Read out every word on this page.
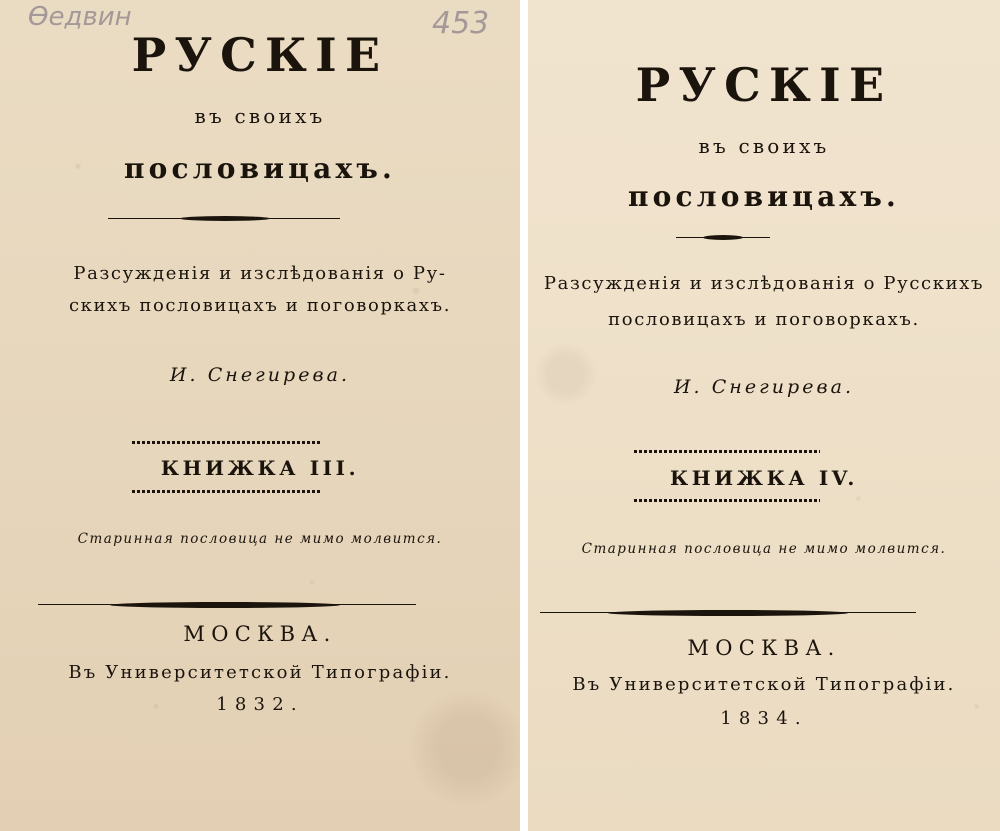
Ѳедвин	453
РУСКІЕ
въ своихъ
пословицахъ.
Разсужденія и изслѣдованія о Ру-
скихъ пословицахъ и поговоркахъ.
И. Снегирева.
КНИЖКА III.
Старинная пословица не мимо молвится.
МОСКВА.
Въ Университетской Типографіи.
1832.
РУСКІЕ
въ своихъ
пословицахъ.
Разсужденія и изслѣдованія о Русскихъ
пословицахъ и поговоркахъ.
И. Снегирева.
КНИЖКА IV.
Старинная пословица не мимо молвится.
МОСКВА.
Въ Университетской Типографіи.
1834.
